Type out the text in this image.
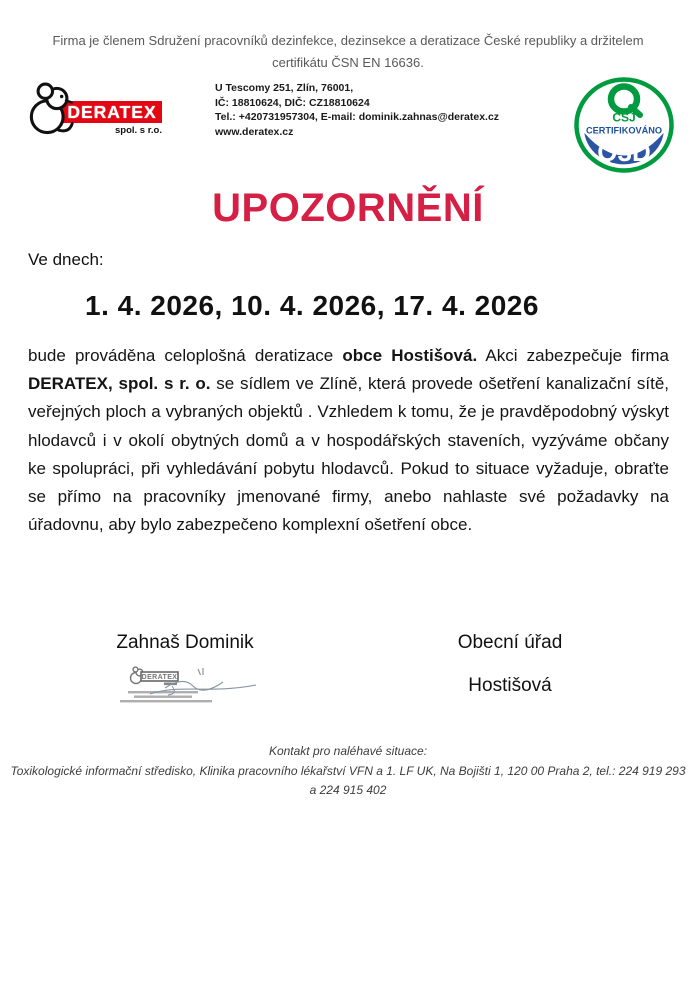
Firma je členem Sdružení pracovníků dezinfekce, dezinsekce a deratizace České republiky a držitelem certifikátu ČSN EN 16636.
DERATEX
spol. s r.o.
U Tescomy 251, Zlín, 76001,
IČ: 18810624, DIČ: CZ18810624
Tel.: +420731957304, E-mail: dominik.zahnas@deratex.cz
www.deratex.cz
ČSJ
CERTIFIKOVÁNO
Q3D
UPOZORNĚNÍ
Ve dnech:
1. 4. 2026, 10. 4. 2026, 17. 4. 2026
bude prováděna celoplošná deratizace obce Hostišová. Akci zabezpečuje firma DERATEX, spol. s r. o. se sídlem ve Zlíně, která provede ošetření kanalizační sítě, veřejných ploch a vybraných objektů . Vzhledem k tomu, že je pravděpodobný výskyt hlodavců i v okolí obytných domů a v hospodářských staveních, vyzýváme občany ke spolupráci, při vyhledávání pobytu hlodavců. Pokud to situace vyžaduje, obraťte se přímo na pracovníky jmenované firmy, anebo nahlaste své požadavky na úřadovnu, aby bylo zabezpečeno komplexní ošetření obce.
Zahnaš Dominik
DERATEX
Obecní úřad
Hostišová
Kontakt pro naléhavé situace:
Toxikologické informační středisko, Klinika pracovního lékařství VFN a 1. LF UK, Na Bojišti 1, 120 00 Praha 2, tel.: 224 919 293
a 224 915 402
